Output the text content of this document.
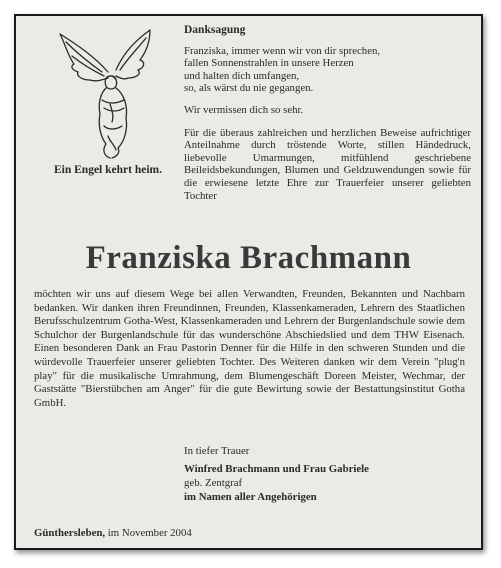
Ein Engel kehrt heim.
Danksagung

Franziska, immer wenn wir von dir sprechen,
fallen Sonnenstrahlen in unsere Herzen
und halten dich umfangen,
so, als wärst du nie gegangen.

Wir vermissen dich so sehr.

Für die überaus zahlreichen und herzlichen Beweise aufrichtiger Anteilnahme durch tröstende Worte, stillen Händedruck, liebevolle Umarmungen, mitfühlend geschriebene Beileidsbekundungen, Blumen und Geldzuwendungen sowie für die erwiesene letzte Ehre zur Trauerfeier unserer geliebten Tochter

Franziska Brachmann
möchten wir uns auf diesem Wege bei allen Verwandten, Freunden, Bekannten und Nachbarn bedanken. Wir danken ihren Freundinnen, Freunden, Klassenkameraden, Lehrern des Staatlichen Berufsschulzentrum Gotha-West, Klassenkameraden und Lehrern der Burgenlandschule sowie dem Schulchor der Burgenlandschule für das wunderschöne Abschiedslied und dem THW Eisenach. Einen besonderen Dank an Frau Pastorin Denner für die Hilfe in den schweren Stunden und die würdevolle Trauerfeier unserer geliebten Tochter. Des Weiteren danken wir dem Verein "plug'n play" für die musikalische Umrahmung, dem Blumengeschäft Doreen Meister, Wechmar, der Gaststätte "Bierstübchen am Anger" für die gute Bewirtung sowie der Bestattungsinstitut Gotha GmbH.
In tiefer Trauer
Winfred Brachmann und Frau Gabriele
geb. Zentgraf
im Namen aller Angehörigen
Günthersleben, im November 2004
